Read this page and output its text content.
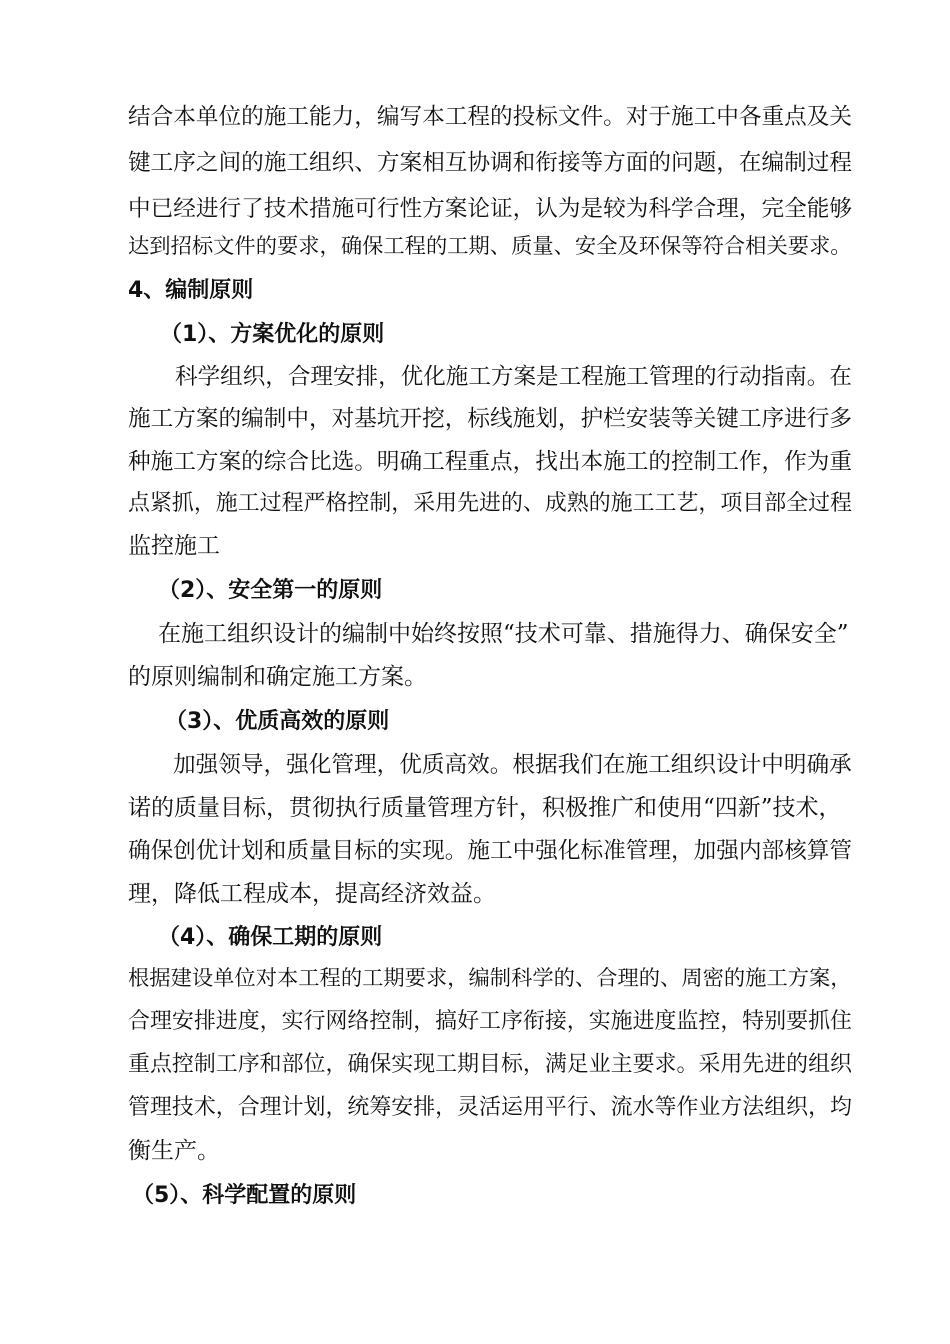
结合本单位的施工能力，编写本工程的投标文件。对于施工中各重点及关
键工序之间的施工组织、方案相互协调和衔接等方面的问题，在编制过程
中已经进行了技术措施可行性方案论证，认为是较为科学合理，完全能够
达到招标文件的要求，确保工程的工期、质量、安全及环保等符合相关要求。
4、编制原则
（1）、方案优化的原则
科学组织，合理安排，优化施工方案是工程施工管理的行动指南。在
施工方案的编制中，对基坑开挖，标线施划，护栏安装等关键工序进行多
种施工方案的综合比选。明确工程重点，找出本施工的控制工作，作为重
点紧抓，施工过程严格控制，采用先进的、成熟的施工工艺，项目部全过程
监控施工
（2）、安全第一的原则
在施工组织设计的编制中始终按照“技术可靠、措施得力、确保安全”
的原则编制和确定施工方案。
（3）、优质高效的原则
加强领导，强化管理，优质高效。根据我们在施工组织设计中明确承
诺的质量目标，贯彻执行质量管理方针，积极推广和使用“四新”技术，
确保创优计划和质量目标的实现。施工中强化标准管理，加强内部核算管
理，降低工程成本，提高经济效益。
（4）、确保工期的原则
根据建设单位对本工程的工期要求，编制科学的、合理的、周密的施工方案，
合理安排进度，实行网络控制，搞好工序衔接，实施进度监控，特别要抓住
重点控制工序和部位，确保实现工期目标，满足业主要求。采用先进的组织
管理技术，合理计划，统筹安排，灵活运用平行、流水等作业方法组织，均
衡生产。
（5）、科学配置的原则
